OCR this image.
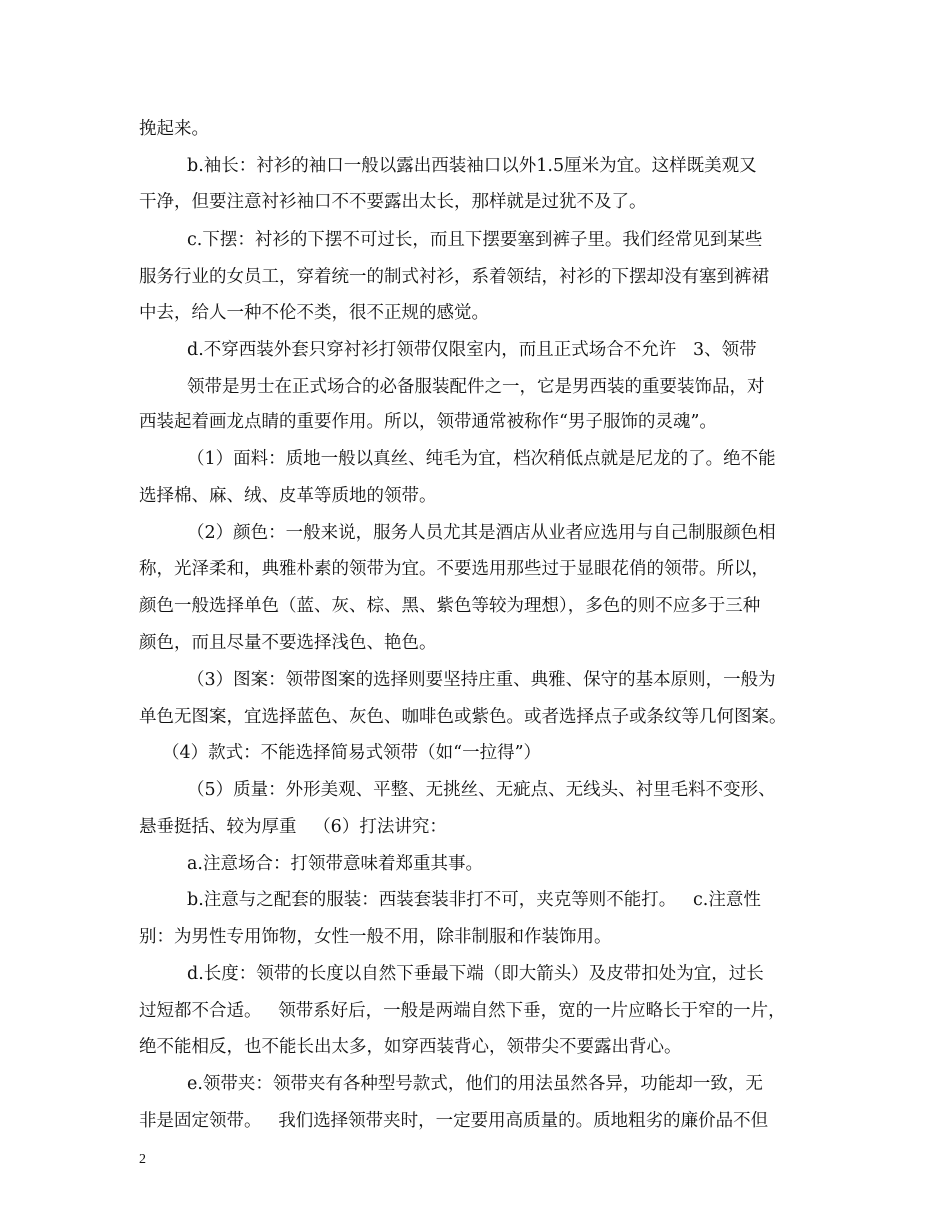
挽起来。
b.袖长：衬衫的袖口一般以露出西装袖口以外1.5厘米为宜。这样既美观又
干净，但要注意衬衫袖口不不要露出太长，那样就是过犹不及了。
c.下摆：衬衫的下摆不可过长，而且下摆要塞到裤子里。我们经常见到某些
服务行业的女员工，穿着统一的制式衬衫，系着领结，衬衫的下摆却没有塞到裤裙
中去，给人一种不伦不类，很不正规的感觉。
d.不穿西装外套只穿衬衫打领带仅限室内，而且正式场合不允许   3、领带
领带是男士在正式场合的必备服装配件之一，它是男西装的重要装饰品，对
西装起着画龙点睛的重要作用。所以，领带通常被称作“男子服饰的灵魂”。
（1）面料：质地一般以真丝、纯毛为宜，档次稍低点就是尼龙的了。绝不能
选择棉、麻、绒、皮革等质地的领带。
（2）颜色：一般来说，服务人员尤其是酒店从业者应选用与自己制服颜色相
称，光泽柔和，典雅朴素的领带为宜。不要选用那些过于显眼花俏的领带。所以，
颜色一般选择单色（蓝、灰、棕、黑、紫色等较为理想），多色的则不应多于三种
颜色，而且尽量不要选择浅色、艳色。
（3）图案：领带图案的选择则要坚持庄重、典雅、保守的基本原则，一般为
单色无图案，宜选择蓝色、灰色、咖啡色或紫色。或者选择点子或条纹等几何图案。
（4）款式：不能选择简易式领带（如“一拉得”）
（5）质量：外形美观、平整、无挑丝、无疵点、无线头、衬里毛料不变形、
悬垂挺括、较为厚重   （6）打法讲究：
a.注意场合：打领带意味着郑重其事。
b.注意与之配套的服装：西装套装非打不可，夹克等则不能打。   c.注意性
别：为男性专用饰物，女性一般不用，除非制服和作装饰用。
d.长度：领带的长度以自然下垂最下端（即大箭头）及皮带扣处为宜，过长
过短都不合适。   领带系好后，一般是两端自然下垂，宽的一片应略长于窄的一片，
绝不能相反，也不能长出太多，如穿西装背心，领带尖不要露出背心。
e.领带夹：领带夹有各种型号款式，他们的用法虽然各异，功能却一致，无
非是固定领带。   我们选择领带夹时，一定要用高质量的。质地粗劣的廉价品不但
2
